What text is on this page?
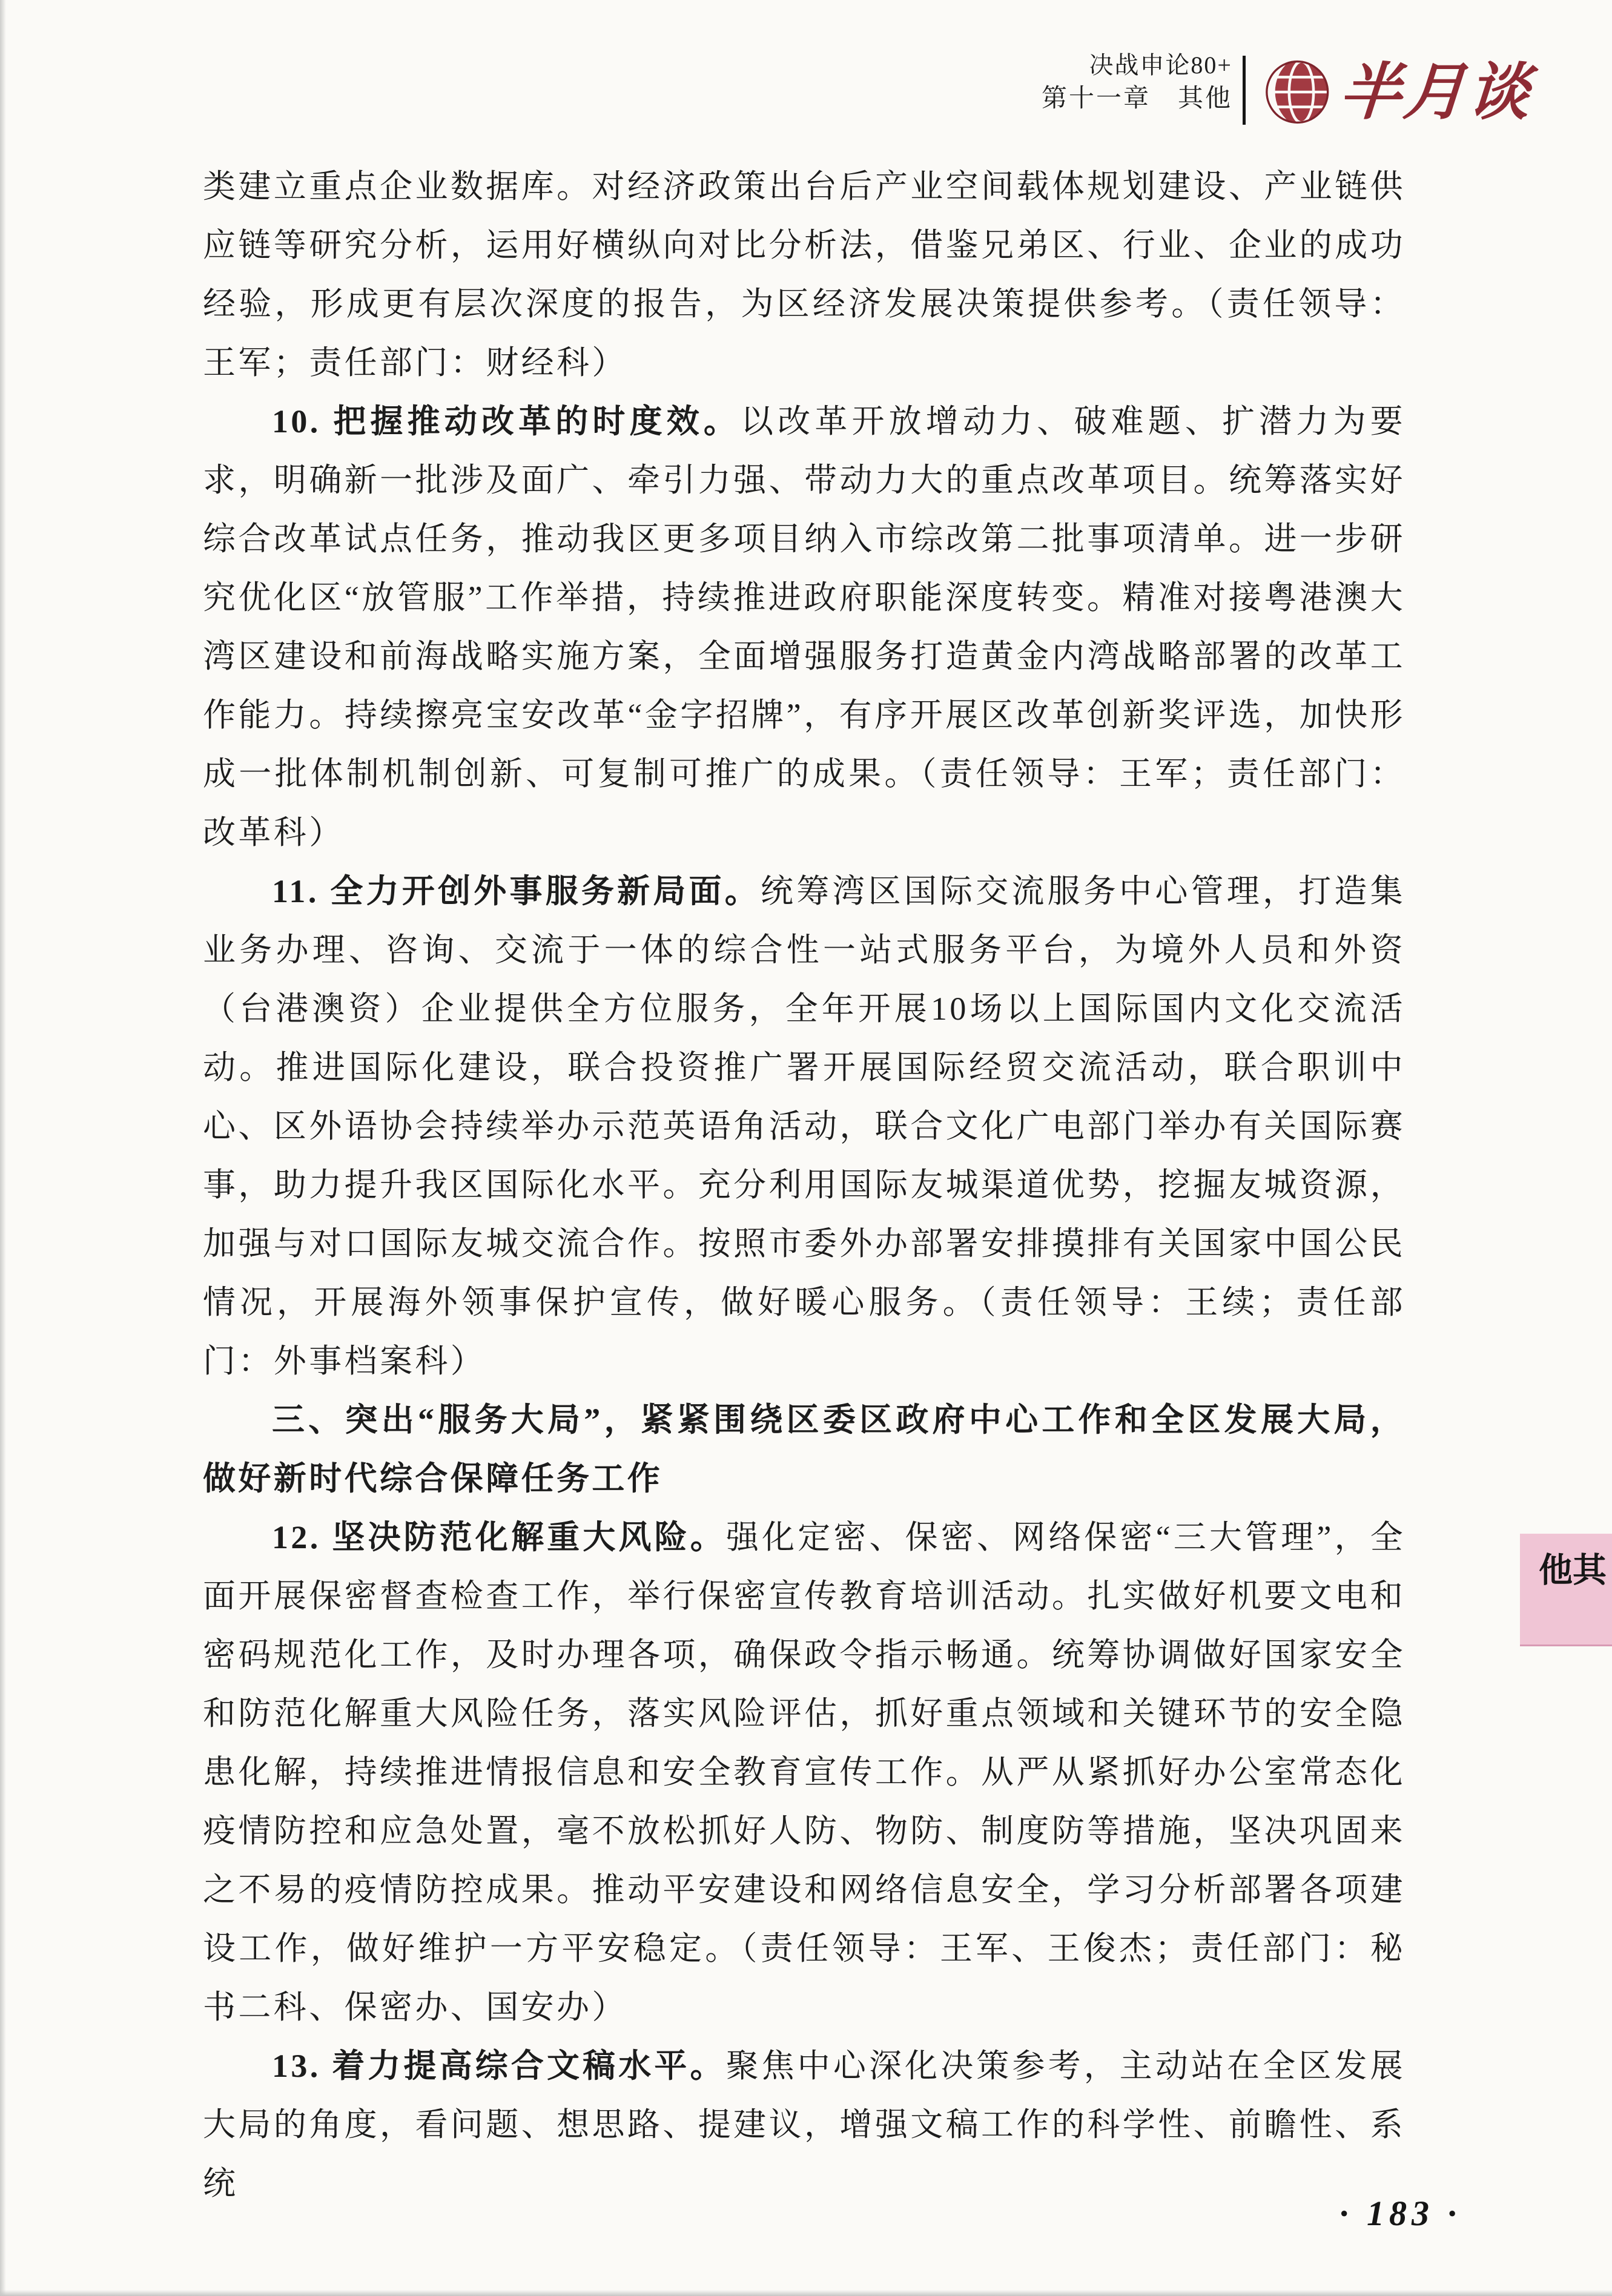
决战申论80+
第十一章　其他 半月谈

类建立重点企业数据库。对经济政策出台后产业空间载体规划建设、产业链供应链等研究分析，运用好横纵向对比分析法，借鉴兄弟区、行业、企业的成功经验，形成更有层次深度的报告，为区经济发展决策提供参考。（责任领导：王军；责任部门：财经科）

10. 把握推动改革的时度效。以改革开放增动力、破难题、扩潜力为要求，明确新一批涉及面广、牵引力强、带动力大的重点改革项目。统筹落实好综合改革试点任务，推动我区更多项目纳入市综改第二批事项清单。进一步研究优化区“放管服”工作举措，持续推进政府职能深度转变。精准对接粤港澳大湾区建设和前海战略实施方案，全面增强服务打造黄金内湾战略部署的改革工作能力。持续擦亮宝安改革“金字招牌”，有序开展区改革创新奖评选，加快形成一批体制机制创新、可复制可推广的成果。（责任领导：王军；责任部门：改革科）

11. 全力开创外事服务新局面。统筹湾区国际交流服务中心管理，打造集业务办理、咨询、交流于一体的综合性一站式服务平台，为境外人员和外资（台港澳资）企业提供全方位服务，全年开展10场以上国际国内文化交流活动。推进国际化建设，联合投资推广署开展国际经贸交流活动，联合职训中心、区外语协会持续举办示范英语角活动，联合文化广电部门举办有关国际赛事，助力提升我区国际化水平。充分利用国际友城渠道优势，挖掘友城资源，加强与对口国际友城交流合作。按照市委外办部署安排摸排有关国家中国公民情况，开展海外领事保护宣传，做好暖心服务。（责任领导：王续；责任部门：外事档案科）

三、突出“服务大局”，紧紧围绕区委区政府中心工作和全区发展大局，做好新时代综合保障任务工作

12. 坚决防范化解重大风险。强化定密、保密、网络保密“三大管理”，全面开展保密督查检查工作，举行保密宣传教育培训活动。扎实做好机要文电和密码规范化工作，及时办理各项，确保政令指示畅通。统筹协调做好国家安全和防范化解重大风险任务，落实风险评估，抓好重点领域和关键环节的安全隐患化解，持续推进情报信息和安全教育宣传工作。从严从紧抓好办公室常态化疫情防控和应急处置，毫不放松抓好人防、物防、制度防等措施，坚决巩固来之不易的疫情防控成果。推动平安建设和网络信息安全，学习分析部署各项建设工作，做好维护一方平安稳定。（责任领导：王军、王俊杰；责任部门：秘书二科、保密办、国安办）

13. 着力提高综合文稿水平。聚焦中心深化决策参考，主动站在全区发展大局的角度，看问题、想思路、提建议，增强文稿工作的科学性、前瞻性、系统

其他
· 183 ·
